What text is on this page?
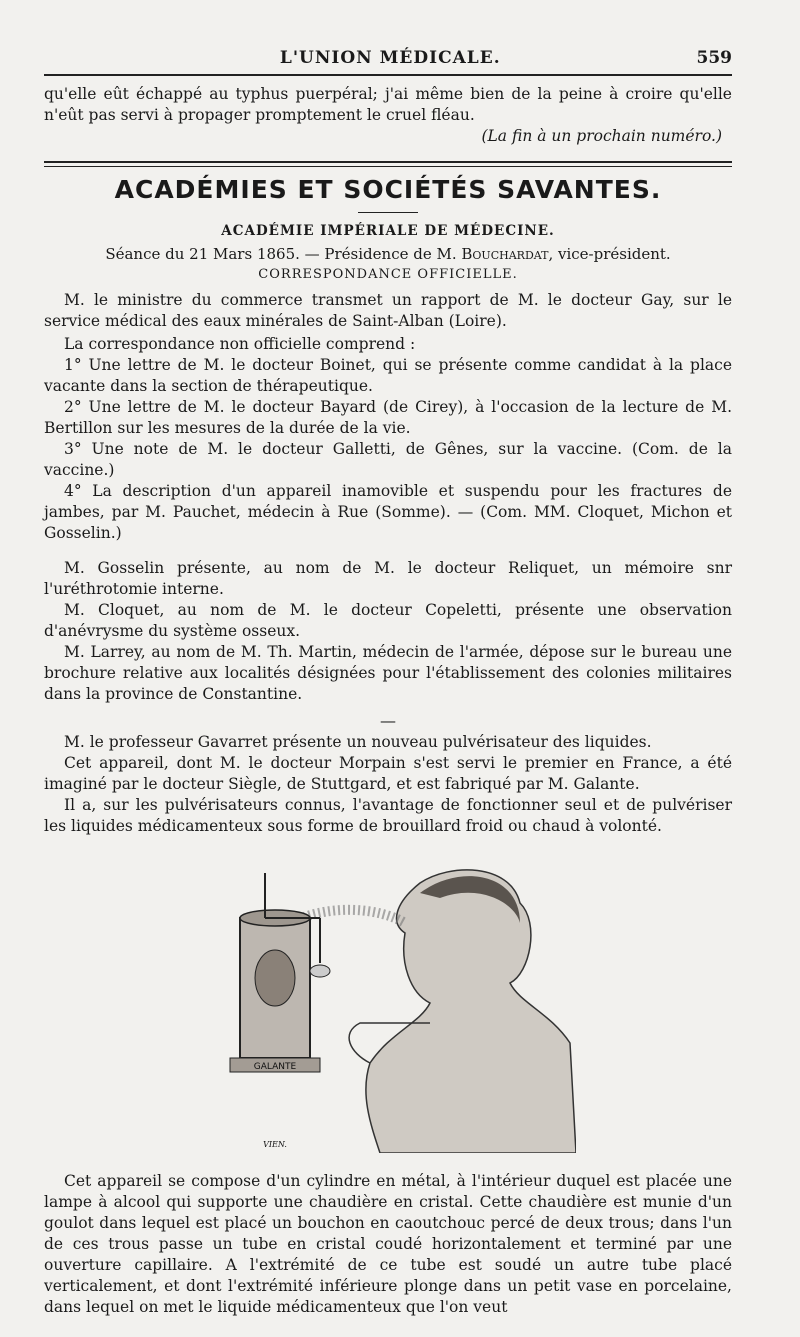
L'UNION MÉDICALE.	559

qu'elle eût échappé au typhus puerpéral; j'ai même bien de la peine à croire qu'elle n'eût pas servi à propager promptement le cruel fléau.

(La fin à un prochain numéro.)

ACADÉMIES ET SOCIÉTÉS SAVANTES.
ACADÉMIE IMPÉRIALE DE MÉDECINE.
Séance du 21 Mars 1865. — Présidence de M. Bouchardat, vice-président.
CORRESPONDANCE OFFICIELLE.

M. le ministre du commerce transmet un rapport de M. le docteur Gay, sur le service médical des eaux minérales de Saint-Alban (Loire).

La correspondance non officielle comprend :

1° Une lettre de M. le docteur Boinet, qui se présente comme candidat à la place vacante dans la section de thérapeutique.

2° Une lettre de M. le docteur Bayard (de Cirey), à l'occasion de la lecture de M. Bertillon sur les mesures de la durée de la vie.

3° Une note de M. le docteur Galletti, de Gênes, sur la vaccine. (Com. de la vaccine.)

4° La description d'un appareil inamovible et suspendu pour les fractures de jambes, par M. Pauchet, médecin à Rue (Somme). — (Com. MM. Cloquet, Michon et Gosselin.)

M. Gosselin présente, au nom de M. le docteur Reliquet, un mémoire snr l'uréthrotomie interne.

M. Cloquet, au nom de M. le docteur Copeletti, présente une observation d'anévrysme du système osseux.

M. Larrey, au nom de M. Th. Martin, médecin de l'armée, dépose sur le bureau une brochure relative aux localités désignées pour l'établissement des colonies militaires dans la province de Constantine.

—

M. le professeur Gavarret présente un nouveau pulvérisateur des liquides.

Cet appareil, dont M. le docteur Morpain s'est servi le premier en France, a été imaginé par le docteur Siègle, de Stuttgard, et est fabriqué par M. Galante.

Il a, sur les pulvérisateurs connus, l'avantage de fonctionner seul et de pulvériser les liquides médicamenteux sous forme de brouillard froid ou chaud à volonté.

GALANTE
VIEN.

Cet appareil se compose d'un cylindre en métal, à l'intérieur duquel est placée une lampe à alcool qui supporte une chaudière en cristal. Cette chaudière est munie d'un goulot dans lequel est placé un bouchon en caoutchouc percé de deux trous; dans l'un de ces trous passe un tube en cristal coudé horizontalement et terminé par une ouverture capillaire. A l'extrémité de ce tube est soudé un autre tube placé verticalement, et dont l'extrémité inférieure plonge dans un petit vase en porcelaine, dans lequel on met le liquide médicamenteux que l'on veut
